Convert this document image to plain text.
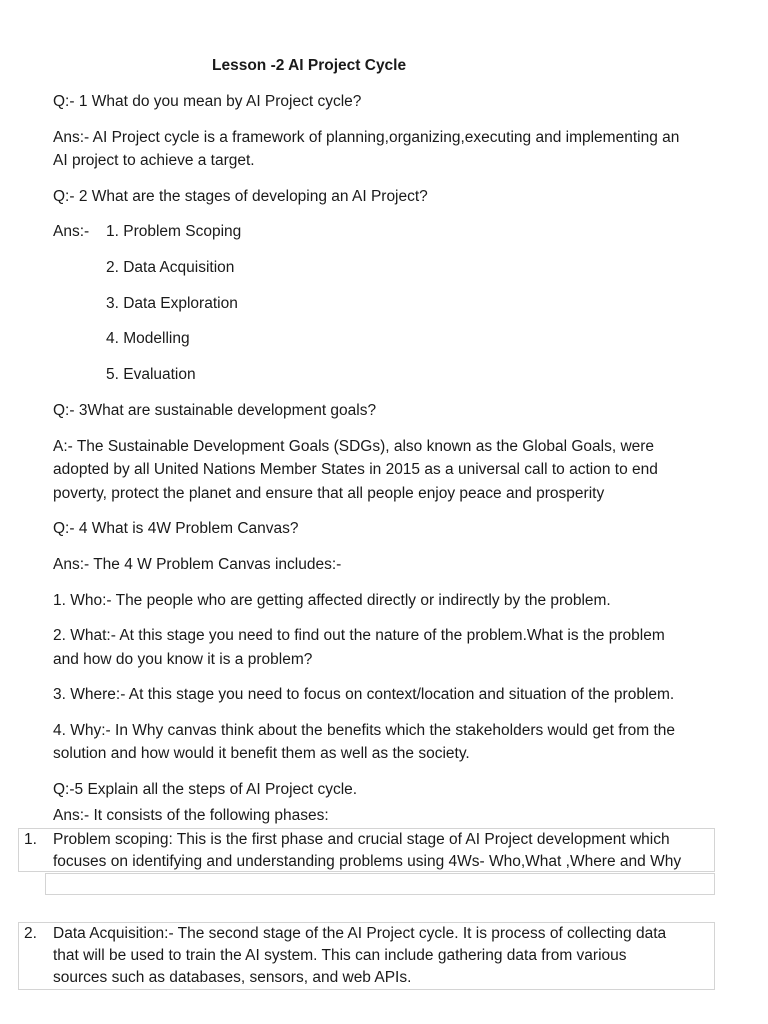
Lesson -2 AI Project Cycle
Q:- 1 What do you mean by AI Project cycle?
Ans:- AI Project cycle is a framework of planning,organizing,executing and implementing an
AI project to achieve a target.
Q:- 2 What are the stages of developing an AI Project?
Ans:- 1. Problem Scoping
2. Data Acquisition
3. Data Exploration
4. Modelling
5. Evaluation
Q:- 3What are sustainable development goals?
A:- The Sustainable Development Goals (SDGs), also known as the Global Goals, were
adopted by all United Nations Member States in 2015 as a universal call to action to end
poverty, protect the planet and ensure that all people enjoy peace and prosperity
Q:- 4 What is 4W Problem Canvas?
Ans:- The 4 W Problem Canvas includes:-
1. Who:- The people who are getting affected directly or indirectly by the problem.
2. What:- At this stage you need to find out the nature of the problem.What is the problem
and how do you know it is a problem?
3. Where:- At this stage you need to focus on context/location and situation of the problem.
4. Why:- In Why canvas think about the benefits which the stakeholders would get from the
solution and how would it benefit them as well as the society.
Q:-5 Explain all the steps of AI Project cycle.
Ans:- It consists of the following phases:
1. Problem scoping: This is the first phase and crucial stage of AI Project development which
focuses on identifying and understanding problems using 4Ws- Who,What ,Where and Why
2. Data Acquisition:- The second stage of the AI Project cycle. It is process of collecting data
that will be used to train the AI system. This can include gathering data from various
sources such as databases, sensors, and web APIs.
